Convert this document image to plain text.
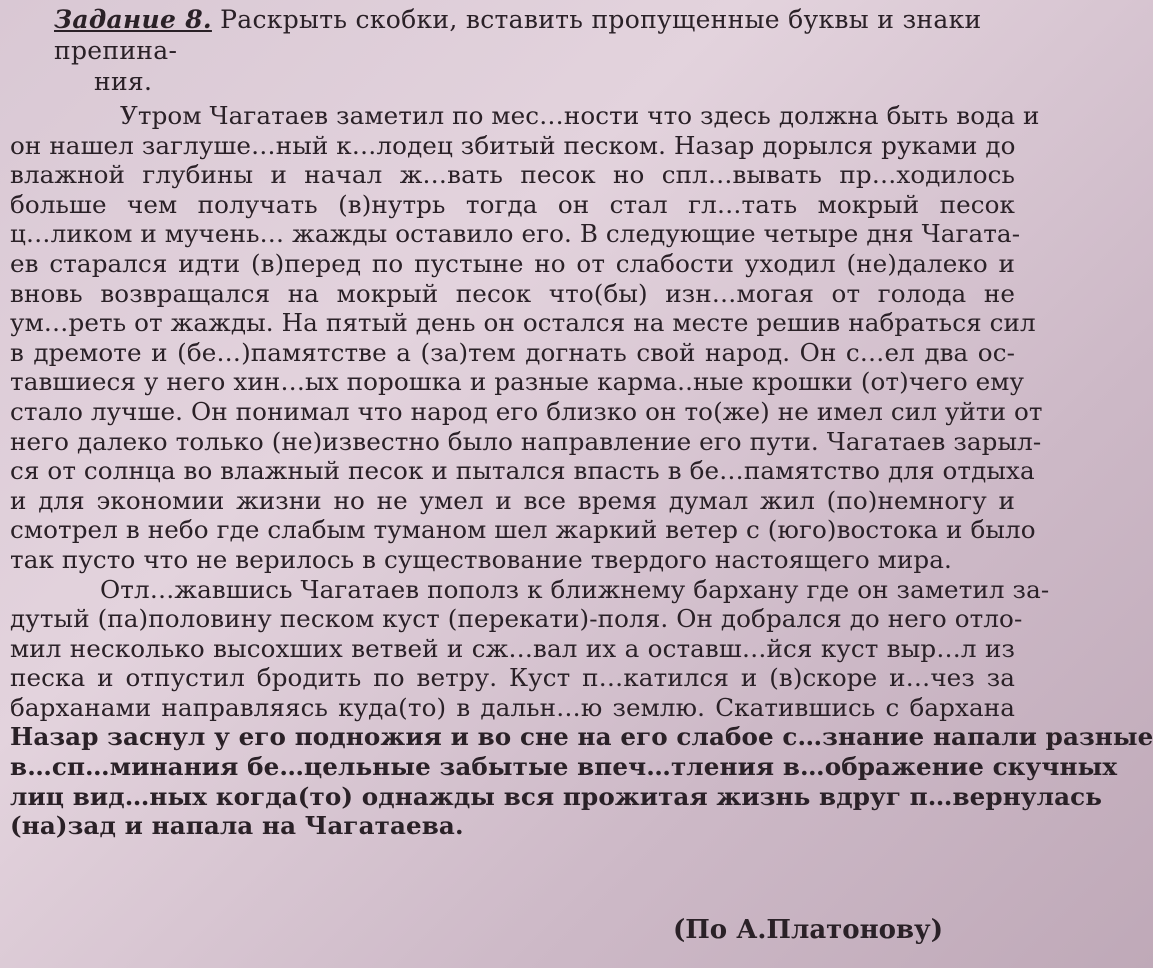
Задание 8. Раскрыть скобки, вставить пропущенные буквы и знаки препина-
ния.
Утром Чагатаев заметил по мес…ности что здесь должна быть вода и
он нашел заглуше…ный к…лодец збитый песком. Назар дорылся руками до
влажной глубины и начал ж…вать песок но спл…вывать пр…ходилось
больше чем получать (в)нутрь тогда он стал гл…тать мокрый песок
ц…ликом и мучень… жажды оставило его. В следующие четыре дня Чагата-
ев старался идти (в)перед по пустыне но от слабости уходил (не)далеко и
вновь возвращался на мокрый песок что(бы) изн…могая от голода не
ум…реть от жажды. На пятый день он остался на месте решив набраться сил
в дремоте и (бе…)памятстве а (за)тем догнать свой народ. Он с…ел два ос-
тавшиеся у него хин…ых порошка и разные карма..ные крошки (от)чего ему
стало лучше. Он понимал что народ его близко он то(же) не имел сил уйти от
него далеко только (не)известно было направление его пути. Чагатаев зарыл-
ся от солнца во влажный песок и пытался впасть в бе…памятство для отдыха
и для экономии жизни но не умел и все время думал жил (по)немногу и
смотрел в небо где слабым туманом шел жаркий ветер с (юго)востока и было
так пусто что не верилось в существование твердого настоящего мира.
Отл…жавшись Чагатаев пополз к ближнему бархану где он заметил за-
дутый (па)половину песком куст (перекати)-поля. Он добрался до него отло-
мил несколько высохших ветвей и сж…вал их а оставш…йся куст выр…л из
песка и отпустил бродить по ветру. Куст п…катился и (в)скоре и…чез за
барханами направляясь куда(то) в дальн…ю землю. Скатившись с бархана
Назар заснул у его подножия и во сне на его слабое с…знание напали разные
в…сп…минания бе…цельные забытые впеч…тления в…ображение скучных
лиц вид…ных когда(то) однажды вся прожитая жизнь вдруг п…вернулась
(на)зад и напала на Чагатаева.
(По А.Платонову)
